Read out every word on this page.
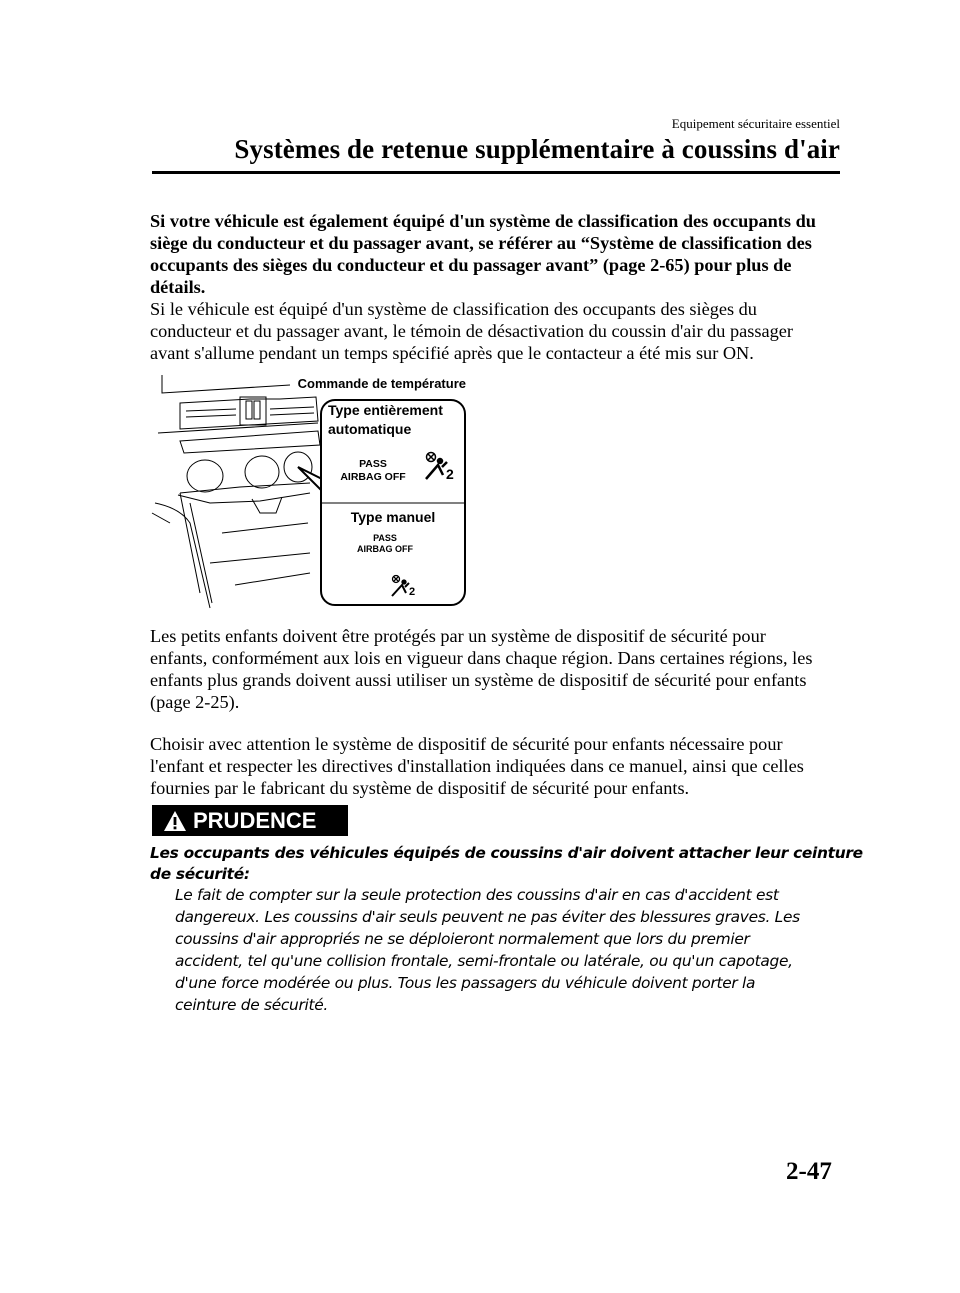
Equipement sécuritaire essentiel
Systèmes de retenue supplémentaire à coussins d'air
Si votre véhicule est également équipé d'un système de classification des occupants du
siège du conducteur et du passager avant, se référer au “Système de classification des
occupants des sièges du conducteur et du passager avant” (page 2-65) pour plus de
détails.
Si le véhicule est équipé d'un système de classification des occupants des sièges du
conducteur et du passager avant, le témoin de désactivation du coussin d'air du passager
avant s'allume pendant un temps spécifié après que le contacteur a été mis sur ON.
Commande de température
Type entièrement
automatique
PASS
AIRBAG OFF	2
Type manuel
PASS
AIRBAG OFF
2
Les petits enfants doivent être protégés par un système de dispositif de sécurité pour
enfants, conformément aux lois en vigueur dans chaque région. Dans certaines régions, les
enfants plus grands doivent aussi utiliser un système de dispositif de sécurité pour enfants
(page 2-25).
Choisir avec attention le système de dispositif de sécurité pour enfants nécessaire pour
l'enfant et respecter les directives d'installation indiquées dans ce manuel, ainsi que celles
fournies par le fabricant du système de dispositif de sécurité pour enfants.
PRUDENCE
Les occupants des véhicules équipés de coussins d'air doivent attacher leur ceinture
de sécurité:
Le fait de compter sur la seule protection des coussins d'air en cas d'accident est
dangereux. Les coussins d'air seuls peuvent ne pas éviter des blessures graves. Les
coussins d'air appropriés ne se déploieront normalement que lors du premier
accident, tel qu'une collision frontale, semi-frontale ou latérale, ou qu'un capotage,
d'une force modérée ou plus. Tous les passagers du véhicule doivent porter la
ceinture de sécurité.
2-47
